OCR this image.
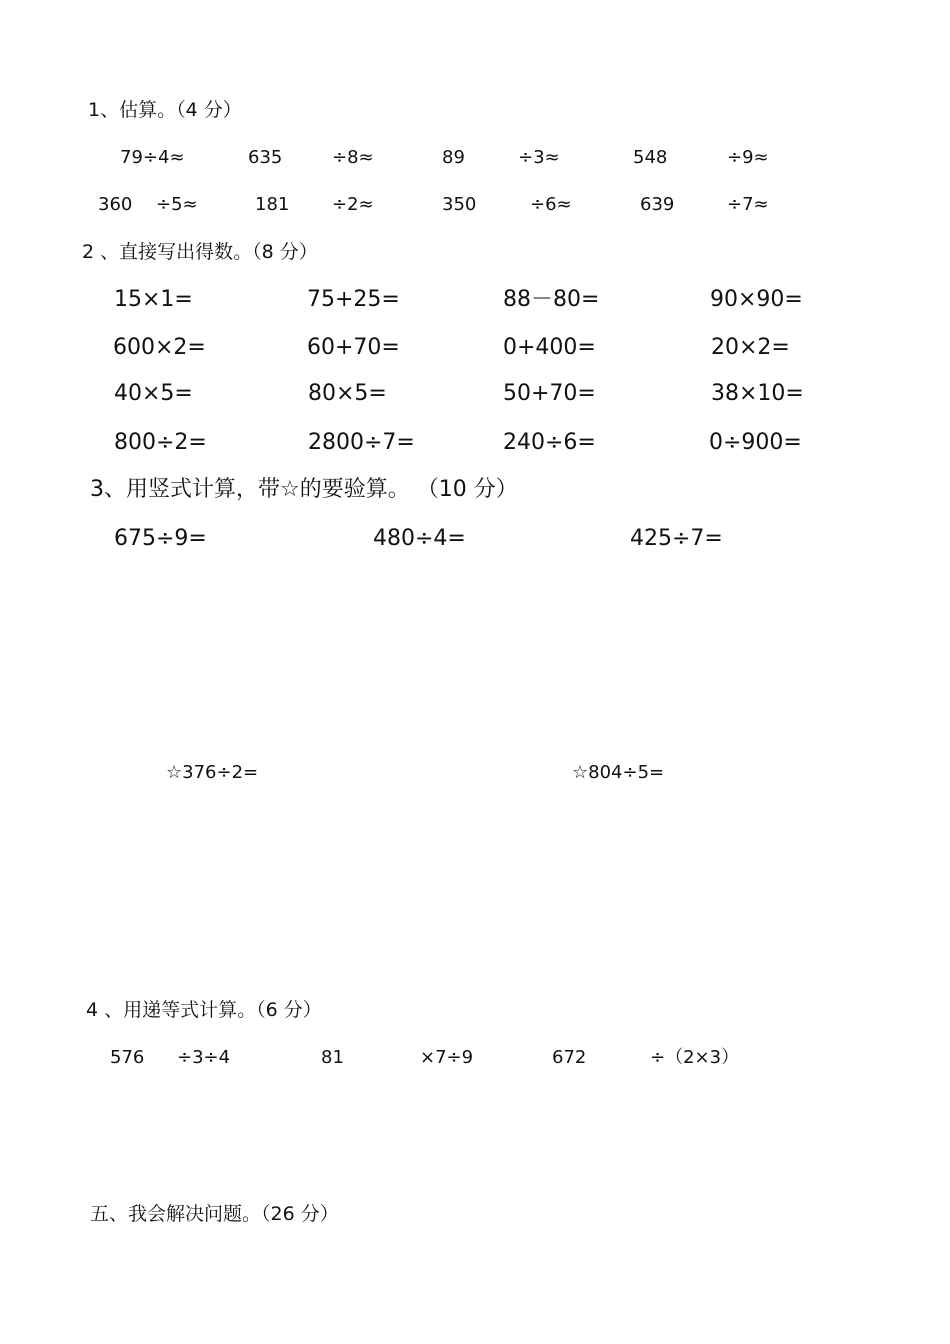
1、估算。（4 分）
79÷4≈	635	÷8≈	89	÷3≈	548	÷9≈
360 ÷5≈	181 ÷2≈	350	÷6≈	639	÷7≈
2 、直接写出得数。（8 分）
15×1=	75+25=	88－80=	90×90=
600×2=	60+70=	0+400=	20×2=
40×5=	80×5=	50+70=	38×10=
800÷2=	2800÷7=	240÷6=	0÷900=
3、用竖式计算，带☆的要验算。 （10 分）
675÷9=	480÷4=	425÷7=
☆376÷2=	☆804÷5=
4 、用递等式计算。（6 分）
576 ÷3÷4	81	×7÷9	672	÷（2×3）
五、我会解决问题。（26 分）
